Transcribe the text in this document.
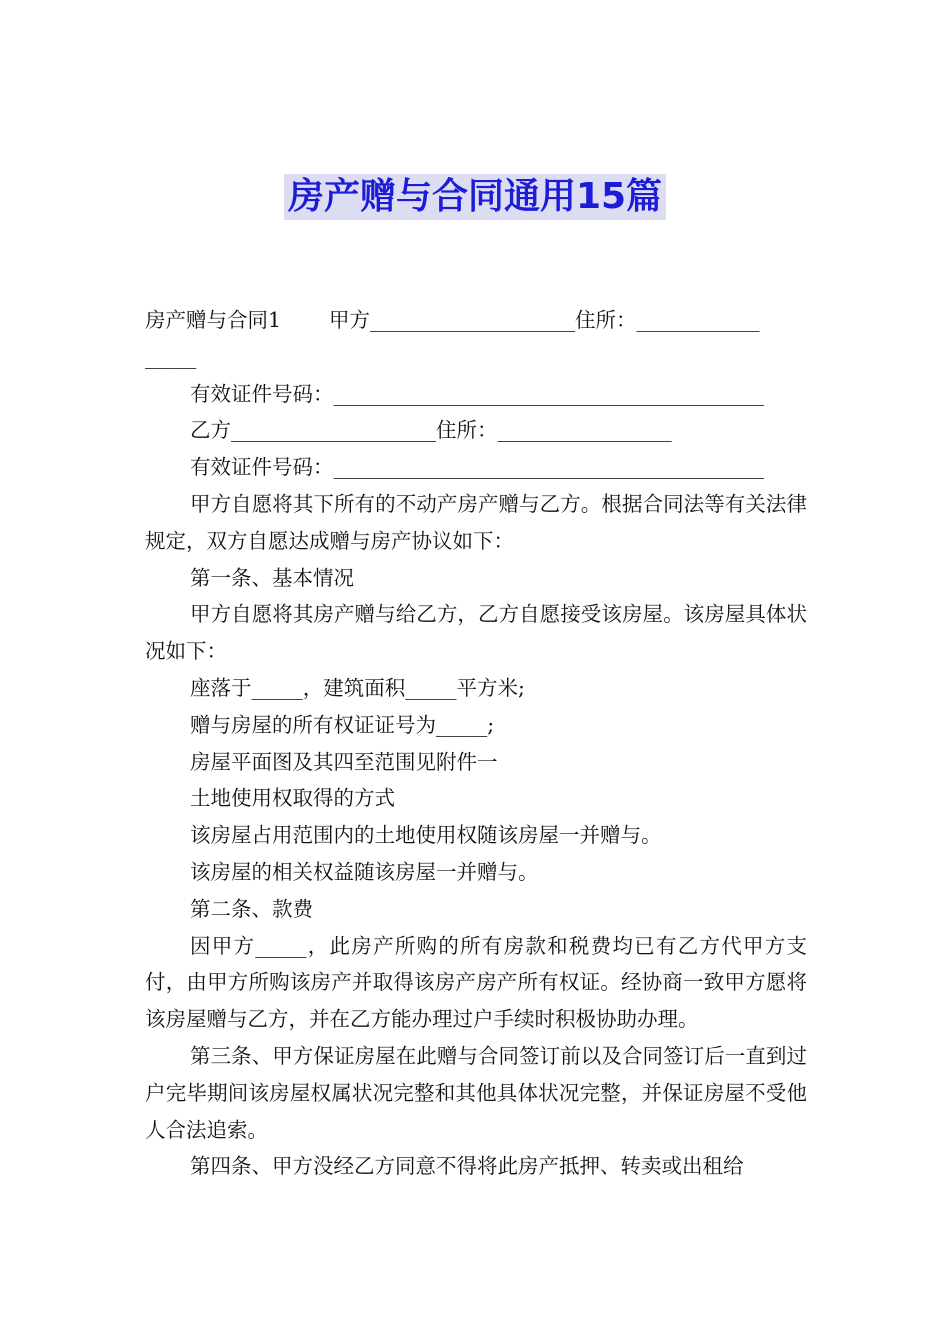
房产赠与合同通用15篇

房产赠与合同1 甲方____________________住所：____________

_____

有效证件号码：__________________________________________

乙方____________________住所：_________________

有效证件号码：__________________________________________

甲方自愿将其下所有的不动产房产赠与乙方。根据合同法等有关法律规定，双方自愿达成赠与房产协议如下：

第一条、基本情况

甲方自愿将其房产赠与给乙方，乙方自愿接受该房屋。该房屋具体状况如下：

座落于_____，建筑面积_____平方米;

赠与房屋的所有权证证号为_____;

房屋平面图及其四至范围见附件一

土地使用权取得的方式

该房屋占用范围内的土地使用权随该房屋一并赠与。

该房屋的相关权益随该房屋一并赠与。

第二条、款费

因甲方_____，此房产所购的所有房款和税费均已有乙方代甲方支付，由甲方所购该房产并取得该房产房产所有权证。经协商一致甲方愿将该房屋赠与乙方，并在乙方能办理过户手续时积极协助办理。

第三条、甲方保证房屋在此赠与合同签订前以及合同签订后一直到过户完毕期间该房屋权属状况完整和其他具体状况完整，并保证房屋不受他人合法追索。

第四条、甲方没经乙方同意不得将此房产抵押、转卖或出租给
